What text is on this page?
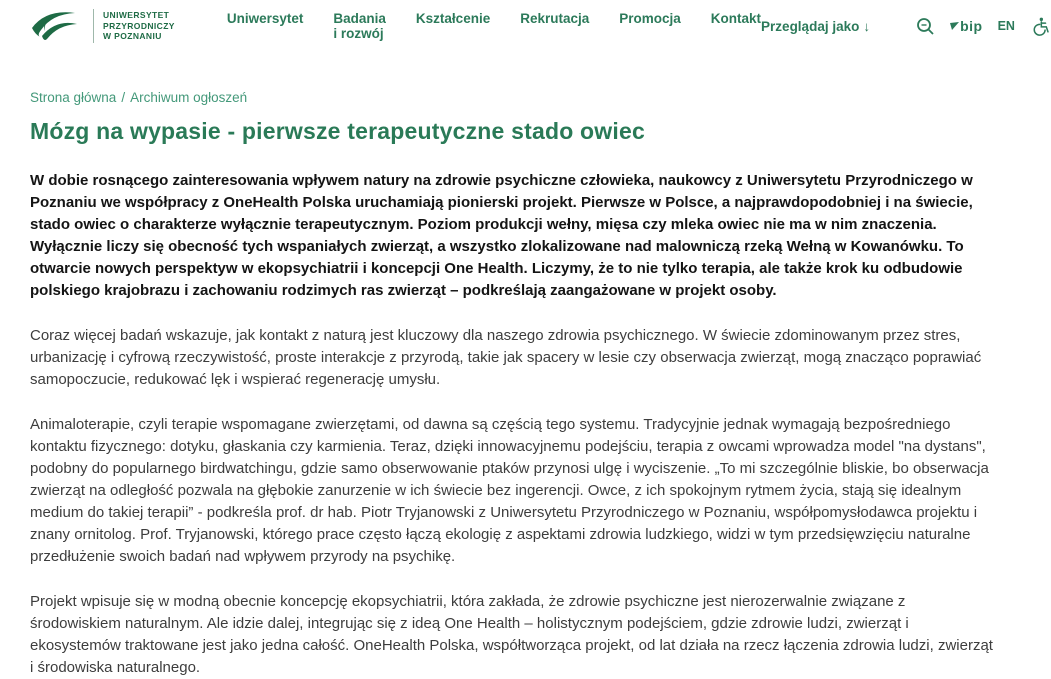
UNIWERSYTET
PRZYRODNICZY
W POZNANIU
Uniwersytet Badania i rozwój
Kształcenie Rekrutacja Promocja Kontakt Przeglądaj jako ↓	bip EN
Strona główna / Archiwum ogłoszeń
Mózg na wypasie - pierwsze terapeutyczne stado owiec

W dobie rosnącego zainteresowania wpływem natury na zdrowie psychiczne człowieka, naukowcy z Uniwersytetu Przyrodniczego w Poznaniu we współpracy z OneHealth Polska uruchamiają pionierski projekt. Pierwsze w Polsce, a najprawdopodobniej i na świecie, stado owiec o charakterze wyłącznie terapeutycznym. Poziom produkcji wełny, mięsa czy mleka owiec nie ma w nim znaczenia. Wyłącznie liczy się obecność tych wspaniałych zwierząt, a wszystko zlokalizowane nad malowniczą rzeką Wełną w Kowanówku. To otwarcie nowych perspektyw w ekopsychiatrii i koncepcji One Health. Liczymy, że to nie tylko terapia, ale także krok ku odbudowie polskiego krajobrazu i zachowaniu rodzimych ras zwierząt – podkreślają zaangażowane w projekt osoby.

Coraz więcej badań wskazuje, jak kontakt z naturą jest kluczowy dla naszego zdrowia psychicznego. W świecie zdominowanym przez stres, urbanizację i cyfrową rzeczywistość, proste interakcje z przyrodą, takie jak spacery w lesie czy obserwacja zwierząt, mogą znacząco poprawiać samopoczucie, redukować lęk i wspierać regenerację umysłu.

Animaloterapie, czyli terapie wspomagane zwierzętami, od dawna są częścią tego systemu. Tradycyjnie jednak wymagają bezpośredniego kontaktu fizycznego: dotyku, głaskania czy karmienia. Teraz, dzięki innowacyjnemu podejściu, terapia z owcami wprowadza model "na dystans", podobny do popularnego birdwatchingu, gdzie samo obserwowanie ptaków przynosi ulgę i wyciszenie. „To mi szczególnie bliskie, bo obserwacja zwierząt na odległość pozwala na głębokie zanurzenie w ich świecie bez ingerencji. Owce, z ich spokojnym rytmem życia, stają się idealnym medium do takiej terapii” - podkreśla prof. dr hab. Piotr Tryjanowski z Uniwersytetu Przyrodniczego w Poznaniu, współpomysłodawca projektu i znany ornitolog. Prof. Tryjanowski, którego prace często łączą ekologię z aspektami zdrowia ludzkiego, widzi w tym przedsięwzięciu naturalne przedłużenie swoich badań nad wpływem przyrody na psychikę.

Projekt wpisuje się w modną obecnie koncepcję ekopsychiatrii, która zakłada, że zdrowie psychiczne jest nierozerwalnie związane z środowiskiem naturalnym. Ale idzie dalej, integrując się z ideą One Health – holistycznym podejściem, gdzie zdrowie ludzi, zwierząt i ekosystemów traktowane jest jako jedna całość. OneHealth Polska, współtworząca projekt, od lat działa na rzecz łączenia zdrowia ludzi, zwierząt i środowiska naturalnego.
